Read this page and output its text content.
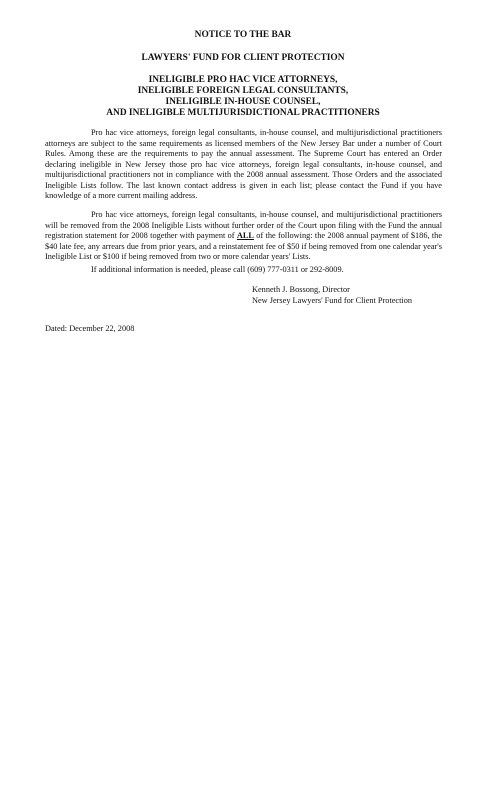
NOTICE TO THE BAR

LAWYERS' FUND FOR CLIENT PROTECTION

INELIGIBLE PRO HAC VICE ATTORNEYS,
INELIGIBLE FOREIGN LEGAL CONSULTANTS,
INELIGIBLE IN-HOUSE COUNSEL,
AND INELIGIBLE MULTIJURISDICTIONAL PRACTITIONERS

Pro hac vice attorneys, foreign legal consultants, in-house counsel, and multijurisdictional practitioners attorneys are subject to the same requirements as licensed members of the New Jersey Bar under a number of Court Rules. Among these are the requirements to pay the annual assessment. The Supreme Court has entered an Order declaring ineligible in New Jersey those pro hac vice attorneys, foreign legal consultants, in-house counsel, and multijurisdictional practitioners not in compliance with the 2008 annual assessment. Those Orders and the associated Ineligible Lists follow. The last known contact address is given in each list; please contact the Fund if you have knowledge of a more current mailing address.

Pro hac vice attorneys, foreign legal consultants, in-house counsel, and multijurisdictional practitioners will be removed from the 2008 Ineligible Lists without further order of the Court upon filing with the Fund the annual registration statement for 2008 together with payment of ALL of the following: the 2008 annual payment of $186, the $40 late fee, any arrears due from prior years, and a reinstatement fee of $50 if being removed from one calendar year's Ineligible List or $100 if being removed from two or more calendar years' Lists.

If additional information is needed, please call (609) 777-0311 or 292-8009.

Kenneth J. Bossong, Director
New Jersey Lawyers' Fund for Client Protection

Dated: December 22, 2008
